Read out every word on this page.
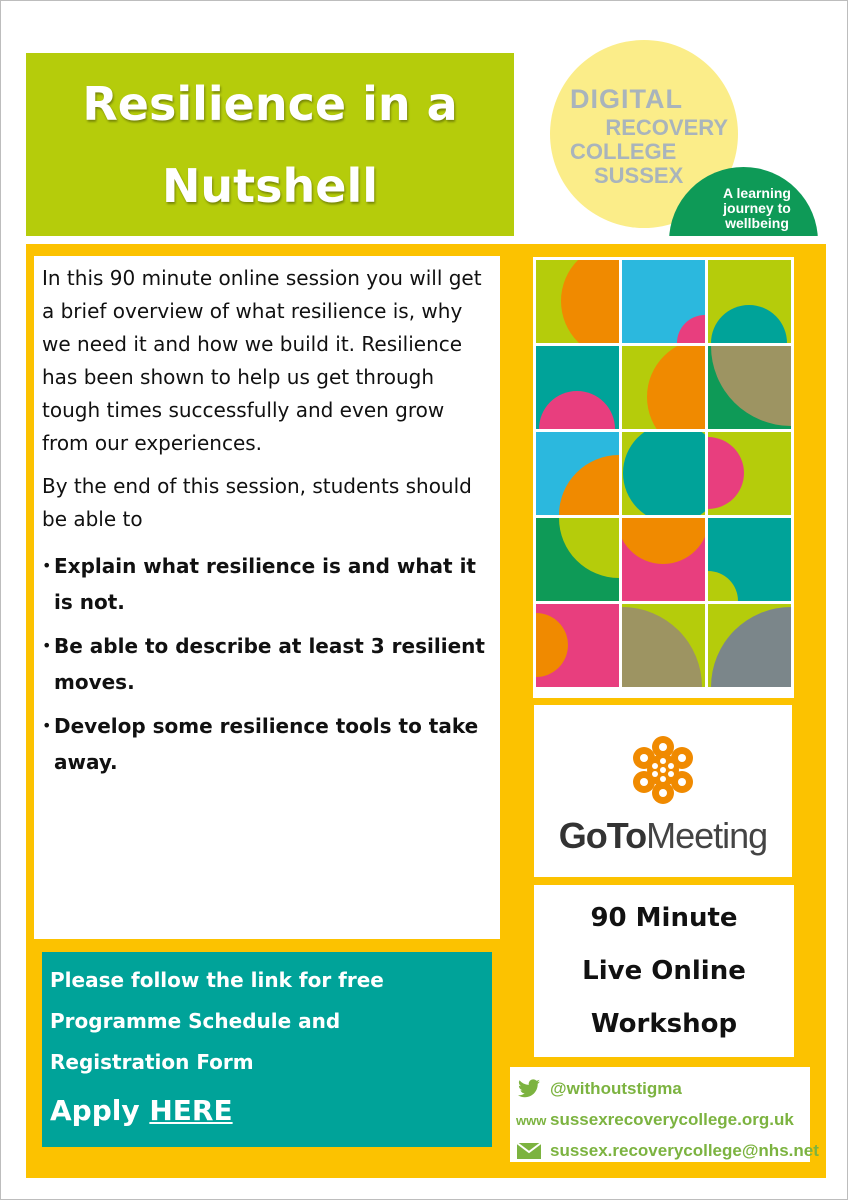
Resilience in a Nutshell
DIGITAL
RECOVERY
COLLEGE
SUSSEX
A learning journey to wellbeing

In this 90 minute online session you will get a brief overview of what resilience is, why we need it and how we build it. Resilience has been shown to help us get through tough times successfully and even grow from our experiences.

By the end of this session, students should be able to

• Explain what resilience is and what it is not.
• Be able to describe at least 3 resilient moves.
• Develop some resilience tools to take away.

Please follow the link for free Programme Schedule and Registration Form

Apply HERE

GoToMeeting
90 Minute
Live Online
Workshop
@withoutstigma
www sussexrecoverycollege.org.uk
sussex.recoverycollege@nhs.net
